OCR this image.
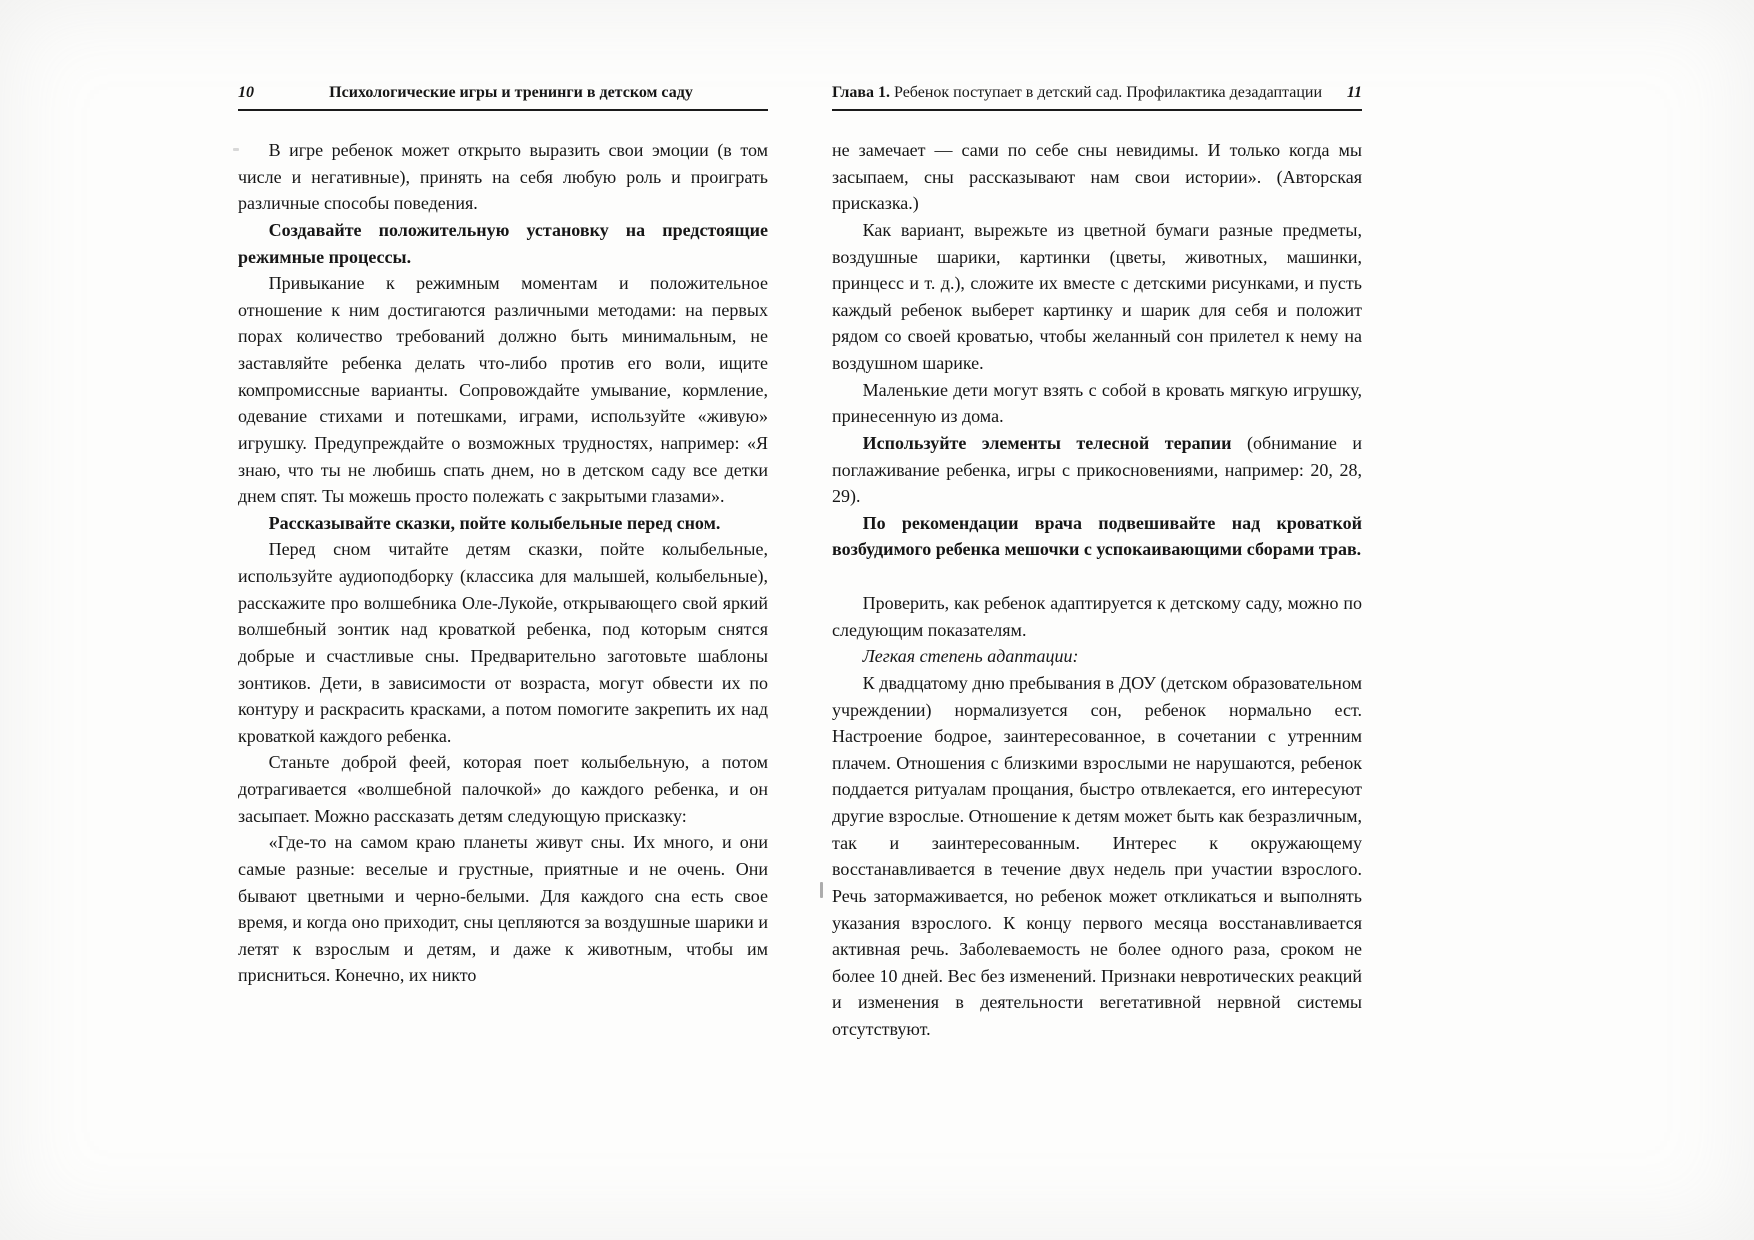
10	Психологические игры и тренинги в детском саду

В игре ребенок может открыто выразить свои эмоции (в том числе и негативные), принять на себя любую роль и проиграть различные способы поведения.

Создавайте положительную установку на предстоящие режимные процессы.

Привыкание к режимным моментам и положительное отношение к ним достигаются различными методами: на первых порах количество требований должно быть минимальным, не заставляйте ребенка делать что-либо против его воли, ищите компромиссные варианты. Сопровождайте умывание, кормление, одевание стихами и потешками, играми, используйте «живую» игрушку. Предупреждайте о возможных трудностях, например: «Я знаю, что ты не любишь спать днем, но в детском саду все детки днем спят. Ты можешь просто полежать с закрытыми глазами».

Рассказывайте сказки, пойте колыбельные перед сном.

Перед сном читайте детям сказки, пойте колыбельные, используйте аудиоподборку (классика для малышей, колыбельные), расскажите про волшебника Оле-Лукойе, открывающего свой яркий волшебный зонтик над кроваткой ребенка, под которым снятся добрые и счастливые сны. Предварительно заготовьте шаблоны зонтиков. Дети, в зависимости от возраста, могут обвести их по контуру и раскрасить красками, а потом помогите закрепить их над кроваткой каждого ребенка.

Станьте доброй феей, которая поет колыбельную, а потом дотрагивается «волшебной палочкой» до каждого ребенка, и он засыпает. Можно рассказать детям следующую присказку:

«Где-то на самом краю планеты живут сны. Их много, и они самые разные: веселые и грустные, приятные и не очень. Они бывают цветными и черно-белыми. Для каждого сна есть свое время, и когда оно приходит, сны цепляются за воздушные шарики и летят к взрослым и детям, и даже к животным, чтобы им присниться. Конечно, их никто

Глава 1. Ребенок поступает в детский сад. Профилактика дезадаптации	11

не замечает — сами по себе сны невидимы. И только когда мы засыпаем, сны рассказывают нам свои истории». (Авторская присказка.)

Как вариант, вырежьте из цветной бумаги разные предметы, воздушные шарики, картинки (цветы, животных, машинки, принцесс и т. д.), сложите их вместе с детскими рисунками, и пусть каждый ребенок выберет картинку и шарик для себя и положит рядом со своей кроватью, чтобы желанный сон прилетел к нему на воздушном шарике.

Маленькие дети могут взять с собой в кровать мягкую игрушку, принесенную из дома.

Используйте элементы телесной терапии (обнимание и поглаживание ребенка, игры с прикосновениями, например: 20, 28, 29).

По рекомендации врача подвешивайте над кроваткой возбудимого ребенка мешочки с успокаивающими сборами трав.

Проверить, как ребенок адаптируется к детскому саду, можно по следующим показателям.

Легкая степень адаптации:

К двадцатому дню пребывания в ДОУ (детском образовательном учреждении) нормализуется сон, ребенок нормально ест. Настроение бодрое, заинтересованное, в сочетании с утренним плачем. Отношения с близкими взрослыми не нарушаются, ребенок поддается ритуалам прощания, быстро отвлекается, его интересуют другие взрослые. Отношение к детям может быть как безразличным, так и заинтересованным. Интерес к окружающему восстанавливается в течение двух недель при участии взрослого. Речь затормаживается, но ребенок может откликаться и выполнять указания взрослого. К концу первого месяца восстанавливается активная речь. Заболеваемость не более одного раза, сроком не более 10 дней. Вес без изменений. Признаки невротических реакций и изменения в деятельности вегетативной нервной системы отсутствуют.
